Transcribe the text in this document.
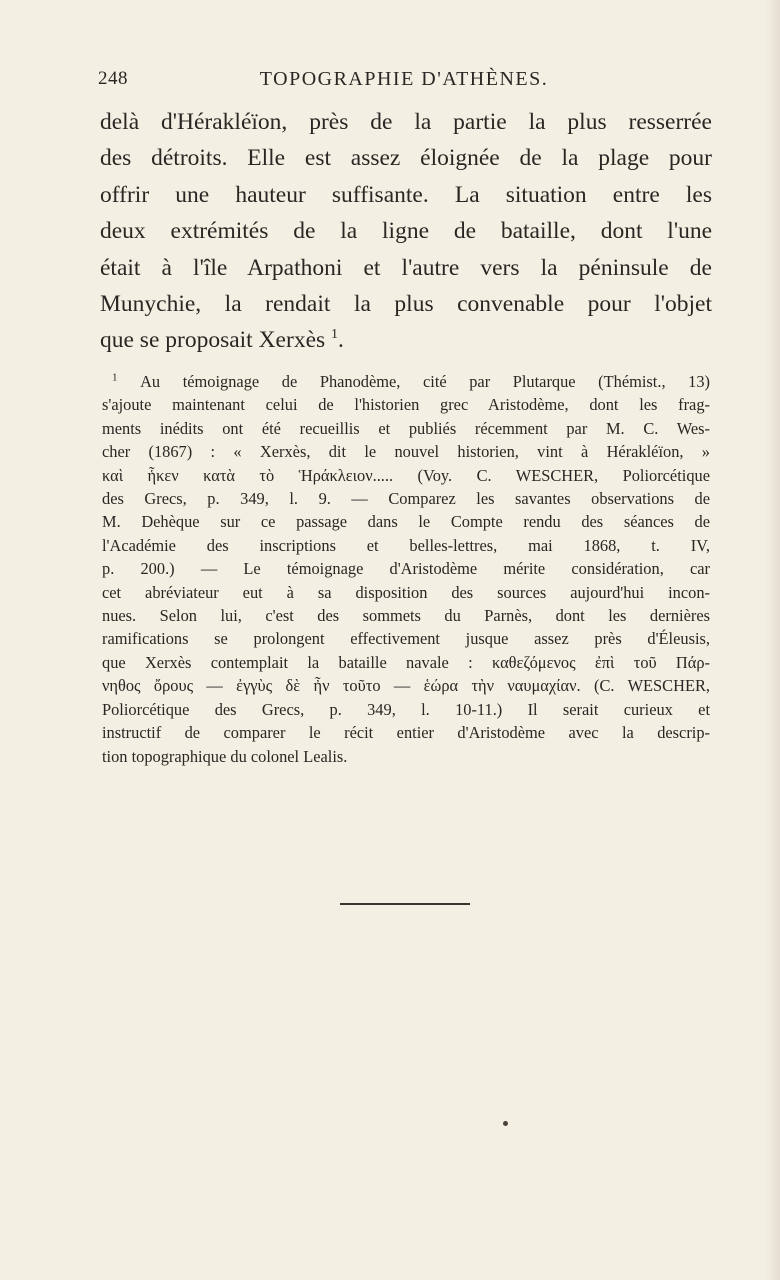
248	TOPOGRAPHIE D'ATHÈNES.
delà d'Hérakléïon, près de la partie la plus resserrée
des détroits. Elle est assez éloignée de la plage pour
offrir une hauteur suffisante. La situation entre les
deux extrémités de la ligne de bataille, dont l'une
était à l'île Arpathoni et l'autre vers la péninsule de
Munychie, la rendait la plus convenable pour l'objet
que se proposait Xerxès $^1$.
$^1$ Au témoignage de Phanodème, cité par Plutarque (Thémist., 13)
s'ajoute maintenant celui de l'historien grec Aristodème, dont les frag-
ments inédits ont été recueillis et publiés récemment par M. C. Wes-
cher (1867) : « Xerxès, dit le nouvel historien, vint à Hérakléïon, »
καὶ ἧκεν κατὰ τὸ Ἡράκλειον..... (Voy. C. WESCHER, Poliorcétique
des Grecs, p. 349, l. 9. — Comparez les savantes observations de
M. Dehèque sur ce passage dans le Compte rendu des séances de
l'Académie des inscriptions et belles-lettres, mai 1868, t. IV,
p. 200.) — Le témoignage d'Aristodème mérite considération, car
cet abréviateur eut à sa disposition des sources aujourd'hui incon-
nues. Selon lui, c'est des sommets du Parnès, dont les dernières
ramifications se prolongent effectivement jusque assez près d'Éleusis,
que Xerxès contemplait la bataille navale : καθεζόμενος ἐπὶ τοῦ Πάρ-
νηθος ὄρους — ἐγγὺς δὲ ἦν τοῦτο — ἑώρα τὴν ναυμαχίαν. (C. WESCHER,
Poliorcétique des Grecs, p. 349, l. 10-11.) Il serait curieux et
instructif de comparer le récit entier d'Aristodème avec la descrip-
tion topographique du colonel Lealis.
